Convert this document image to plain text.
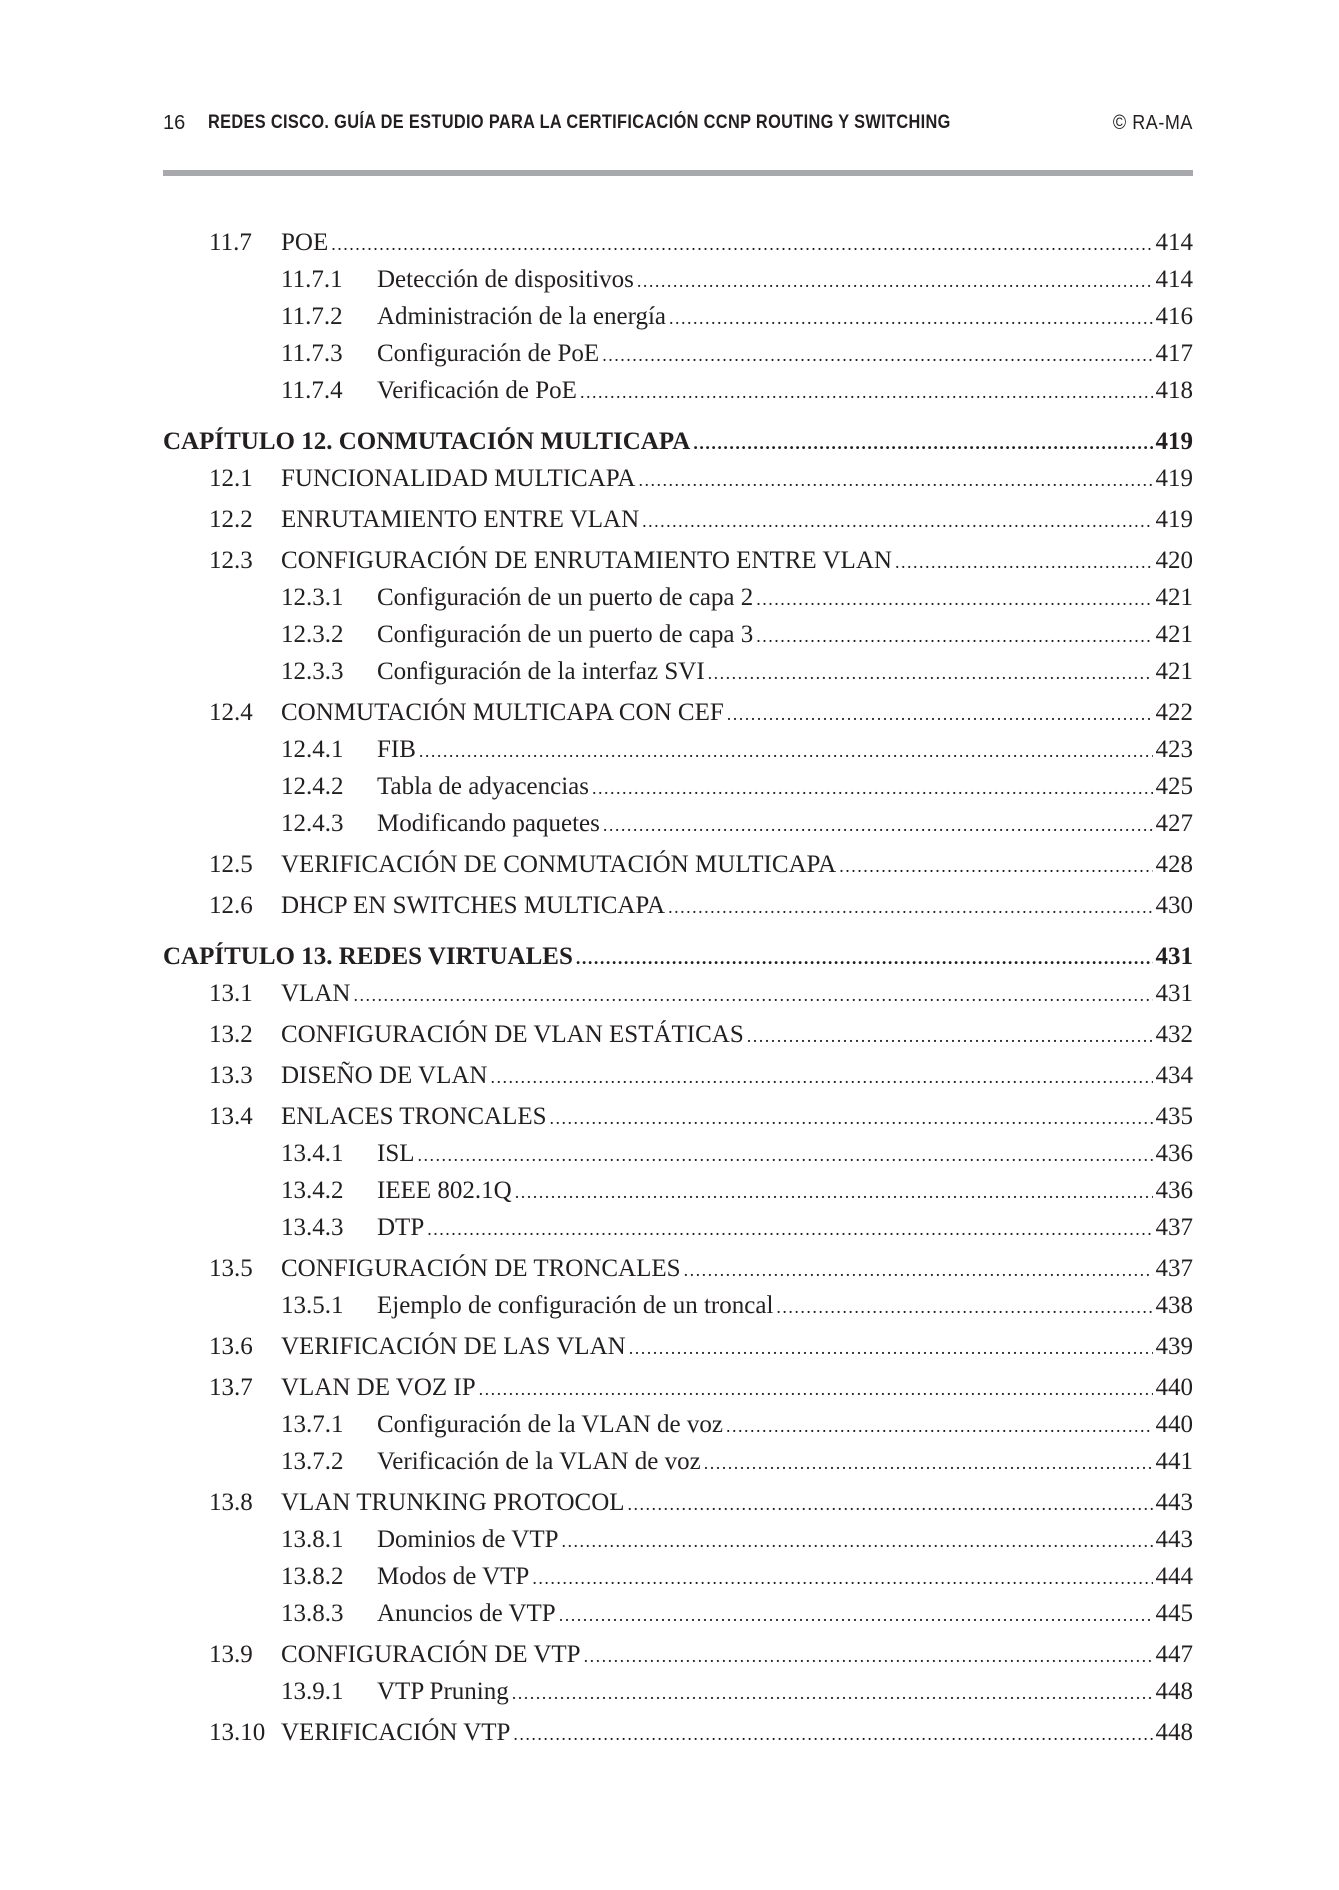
16 REDES CISCO. GUÍA DE ESTUDIO PARA LA CERTIFICACIÓN CCNP ROUTING Y SWITCHING	© RA-MA
11.7	POE .....	414
11.7.1	Detección de dispositivos .....	414
11.7.2	Administración de la energía .....	416
11.7.3	Configuración de PoE .....	417
11.7.4	Verificación de PoE .....	418
CAPÍTULO 12. CONMUTACIÓN MULTICAPA .....	419
12.1	FUNCIONALIDAD MULTICAPA .....	419
12.2	ENRUTAMIENTO ENTRE VLAN .....	419
12.3	CONFIGURACIÓN DE ENRUTAMIENTO ENTRE VLAN .....	420
12.3.1	Configuración de un puerto de capa 2 .....	421
12.3.2	Configuración de un puerto de capa 3 .....	421
12.3.3	Configuración de la interfaz SVI .....	421
12.4	CONMUTACIÓN MULTICAPA CON CEF .....	422
12.4.1	FIB .....	423
12.4.2	Tabla de adyacencias .....	425
12.4.3	Modificando paquetes .....	427
12.5	VERIFICACIÓN DE CONMUTACIÓN MULTICAPA .....	428
12.6	DHCP EN SWITCHES MULTICAPA .....	430
CAPÍTULO 13. REDES VIRTUALES .....	431
13.1	VLAN .....	431
13.2	CONFIGURACIÓN DE VLAN ESTÁTICAS .....	432
13.3	DISEÑO DE VLAN .....	434
13.4	ENLACES TRONCALES .....	435
13.4.1	ISL .....	436
13.4.2	IEEE 802.1Q .....	436
13.4.3	DTP .....	437
13.5	CONFIGURACIÓN DE TRONCALES .....	437
13.5.1	Ejemplo de configuración de un troncal .....	438
13.6	VERIFICACIÓN DE LAS VLAN .....	439
13.7	VLAN DE VOZ IP .....	440
13.7.1	Configuración de la VLAN de voz .....	440
13.7.2	Verificación de la VLAN de voz .....	441
13.8	VLAN TRUNKING PROTOCOL .....	443
13.8.1	Dominios de VTP .....	443
13.8.2	Modos de VTP .....	444
13.8.3	Anuncios de VTP .....	445
13.9	CONFIGURACIÓN DE VTP .....	447
13.9.1	VTP Pruning .....	448
13.10 VERIFICACIÓN VTP .....	448
